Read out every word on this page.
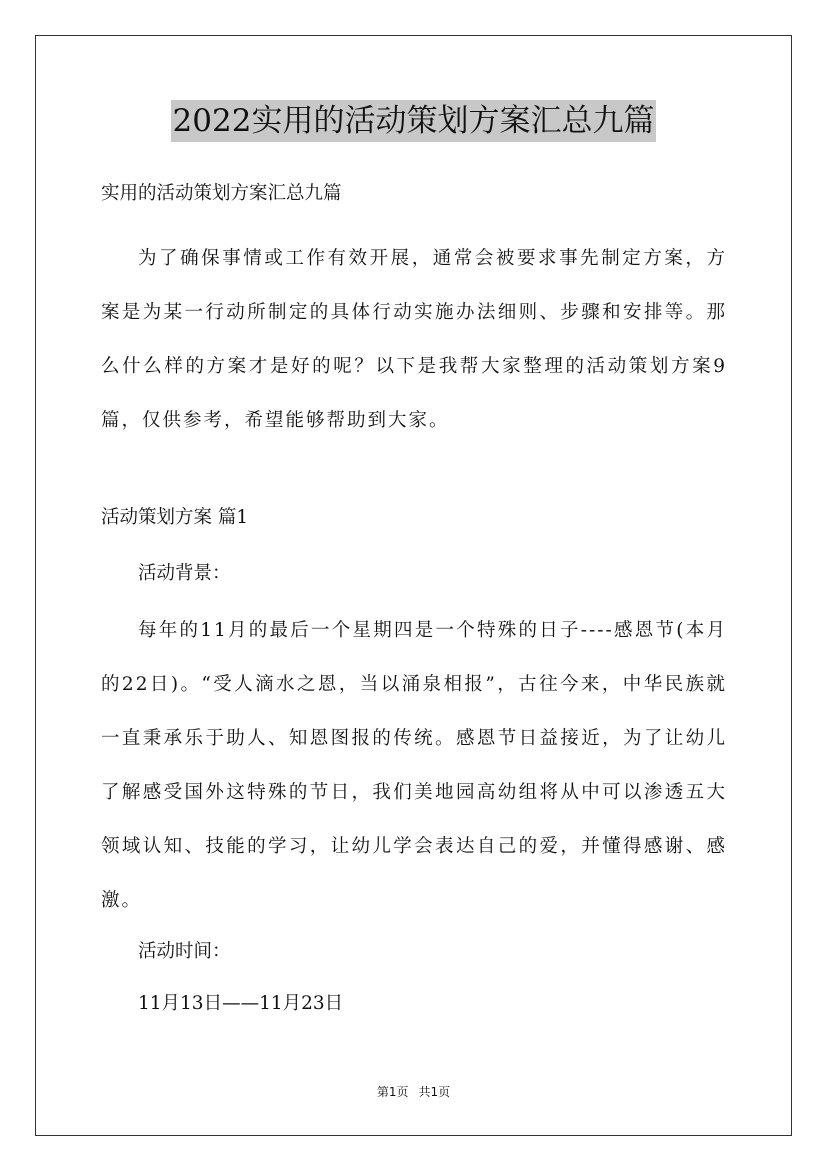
2022实用的活动策划方案汇总九篇

实用的活动策划方案汇总九篇

为了确保事情或工作有效开展，通常会被要求事先制定方案，方案是为某一行动所制定的具体行动实施办法细则、步骤和安排等。那么什么样的方案才是好的呢？以下是我帮大家整理的活动策划方案9篇，仅供参考，希望能够帮助到大家。

活动策划方案 篇1

活动背景：

每年的11月的最后一个星期四是一个特殊的日子----感恩节(本月的22日)。“受人滴水之恩，当以涌泉相报”，古往今来，中华民族就一直秉承乐于助人、知恩图报的传统。感恩节日益接近，为了让幼儿了解感受国外这特殊的节日，我们美地园高幼组将从中可以渗透五大领域认知、技能的学习，让幼儿学会表达自己的爱，并懂得感谢、感激。

活动时间：

11月13日——11月23日

第1页 共1页
